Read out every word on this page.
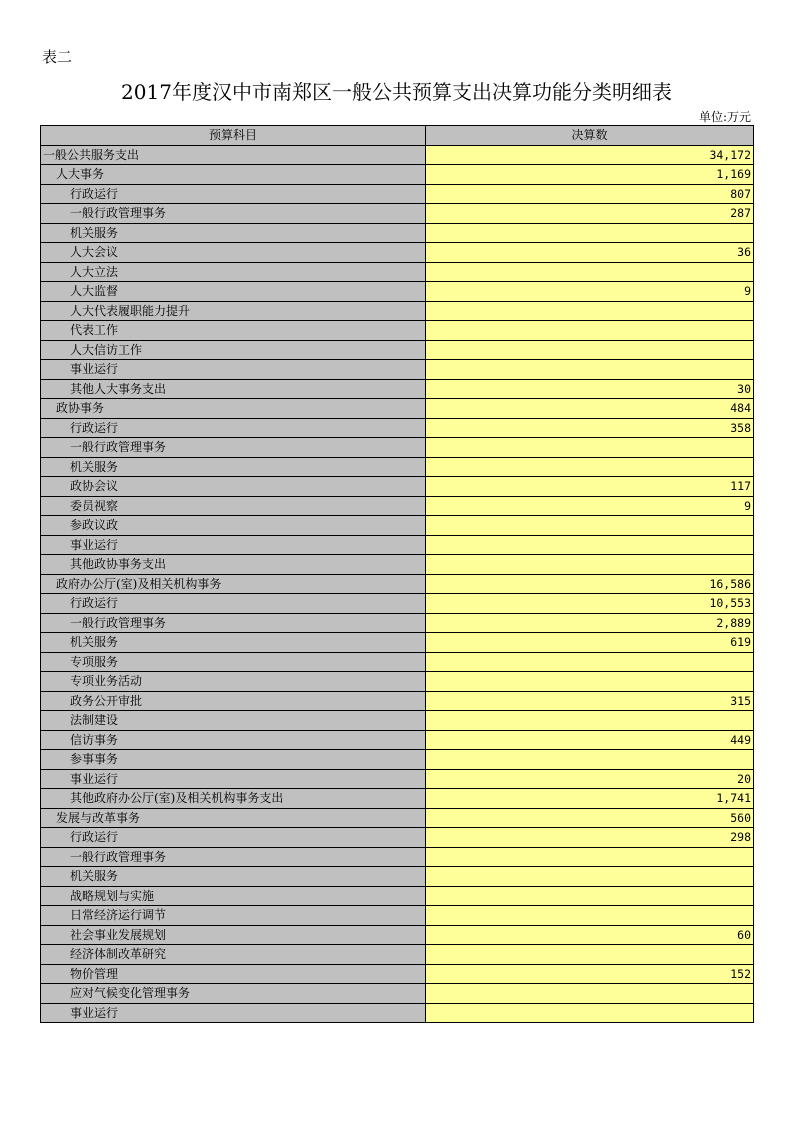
表二
2017年度汉中市南郑区一般公共预算支出决算功能分类明细表
单位:万元
预算科目	决算数
一般公共服务支出	34,172
人大事务	1,169
行政运行	807
一般行政管理事务	287
机关服务	
人大会议	36
人大立法	
人大监督	9
人大代表履职能力提升	
代表工作	
人大信访工作	
事业运行	
其他人大事务支出	30
政协事务	484
行政运行	358
一般行政管理事务	
机关服务	
政协会议	117
委员视察	9
参政议政	
事业运行	
其他政协事务支出	
政府办公厅(室)及相关机构事务	16,586
行政运行	10,553
一般行政管理事务	2,889
机关服务	619
专项服务	
专项业务活动	
政务公开审批	315
法制建设	
信访事务	449
参事事务	
事业运行	20
其他政府办公厅(室)及相关机构事务支出	1,741
发展与改革事务	560
行政运行	298
一般行政管理事务	
机关服务	
战略规划与实施	
日常经济运行调节	
社会事业发展规划	60
经济体制改革研究	
物价管理	152
应对气候变化管理事务	
事业运行	
